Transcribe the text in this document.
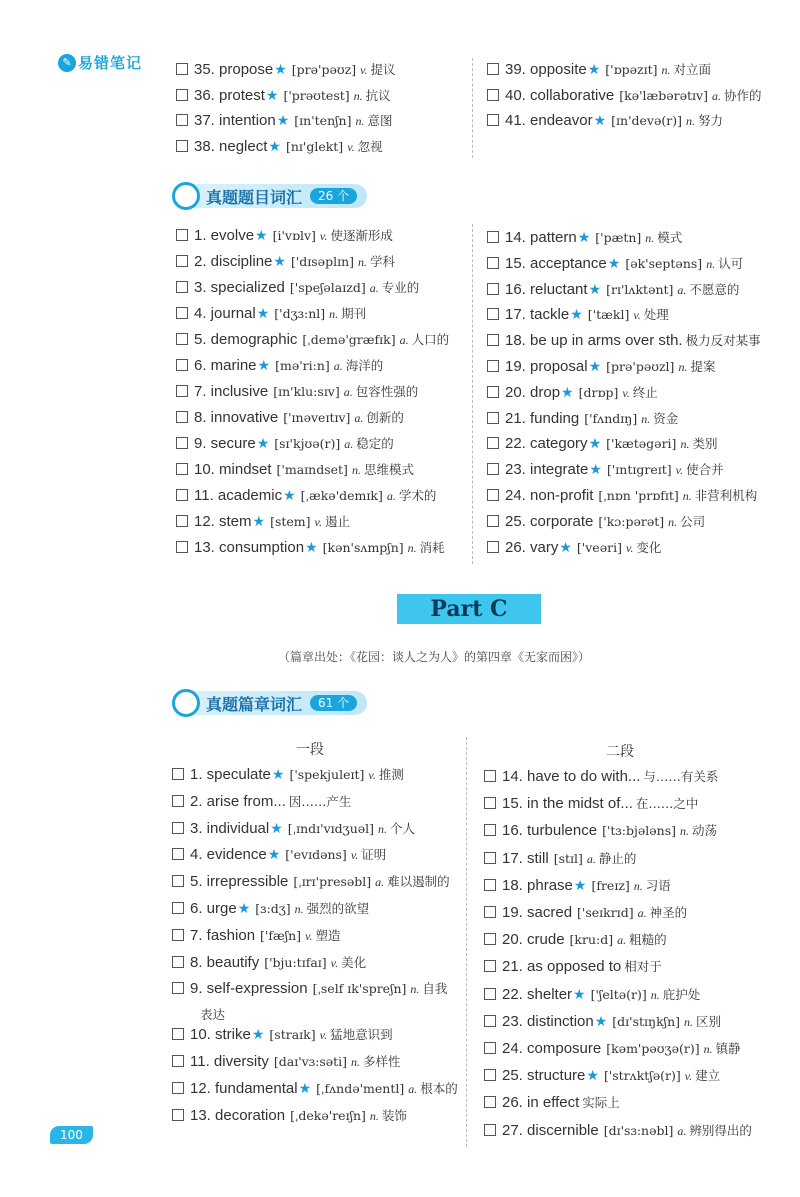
✎ 易错笔记	35. propose ★ [prə'pəʊz] v. 提议
36. protest ★ ['prəʊtest] n. 抗议
37. intention ★ [ɪn'tenʃn] n. 意图
38. neglect ★ [nɪ'glekt] v. 忽视
39. opposite ★ ['ɒpəzɪt] n. 对立面
40. collaborative [kə'læbərətɪv] a. 协作的
41. endeavor ★ [ɪn'devə(r)] n. 努力
真题题目词汇	26 个
1. evolve ★ [i'vɒlv] v. 使逐渐形成
2. discipline ★ ['dɪsəplɪn] n. 学科
3. specialized ['speʃəlaɪzd] a. 专业的
4. journal ★ ['dʒɜ:nl] n. 期刊
5. demographic [ˌdemə'græfɪk] a. 人口的
6. marine ★ [mə'ri:n] a. 海洋的
7. inclusive [ɪn'klu:sɪv] a. 包容性强的
8. innovative ['ɪnəveɪtɪv] a. 创新的
9. secure ★ [sɪ'kjʊə(r)] a. 稳定的
10. mindset ['maɪndset] n. 思维模式
11. academic ★ [ˌækə'demɪk] a. 学术的
12. stem ★ [stem] v. 遏止
13. consumption ★ [kən'sʌmpʃn] n. 消耗
14. pattern ★ ['pætn] n. 模式
15. acceptance ★ [ək'septəns] n. 认可
16. reluctant ★ [rɪ'lʌktənt] a. 不愿意的
17. tackle ★ ['tækl] v. 处理
18. be up in arms over sth. 极力反对某事
19. proposal ★ [prə'pəʊzl] n. 提案
20. drop ★ [drɒp] v. 终止
21. funding ['fʌndɪŋ] n. 资金
22. category ★ ['kætəgəri] n. 类别
23. integrate ★ ['ɪntɪgreɪt] v. 使合并
24. non-profit [ˌnɒn 'prɒfɪt] n. 非营利机构
25. corporate ['kɔ:pərət] n. 公司
26. vary ★ ['veəri] v. 变化
Part C
（篇章出处：《花园：谈人之为人》的第四章《无家而困》）
真题篇章词汇	61 个
一段	二段
1. speculate ★ ['spekjuleɪt] v. 推测
2. arise from... 因……产生
3. individual ★ [ˌɪndɪ'vɪdʒuəl] n. 个人
4. evidence ★ ['evɪdəns] v. 证明
5. irrepressible [ˌɪrɪ'presəbl] a. 难以遏制的
6. urge ★ [ɜ:dʒ] n. 强烈的欲望
7. fashion ['fæʃn] v. 塑造
8. beautify ['bju:tɪfaɪ] v. 美化
9. self-expression [ˌself ɪk'spreʃn] n. 自我
10. strike ★ [straɪk] v. 猛地意识到
11. diversity [daɪ'vɜ:səti] n. 多样性
12. fundamental ★ [ˌfʌndə'mentl] a. 根本的
13. decoration [ˌdekə'reɪʃn] n. 装饰
表达
14. have to do with... 与……有关系
15. in the midst of... 在……之中
16. turbulence ['tɜ:bjələns] n. 动荡
17. still [stɪl] a. 静止的
18. phrase ★ [freɪz] n. 习语
19. sacred ['seɪkrɪd] a. 神圣的
20. crude [kru:d] a. 粗糙的
21. as opposed to 相对于
22. shelter ★ ['ʃeltə(r)] n. 庇护处
23. distinction ★ [dɪ'stɪŋkʃn] n. 区别
24. composure [kəm'pəʊʒə(r)] n. 镇静
25. structure ★ ['strʌktʃə(r)] v. 建立
26. in effect 实际上
27. discernible [dɪ'sɜ:nəbl] a. 辨别得出的
100
